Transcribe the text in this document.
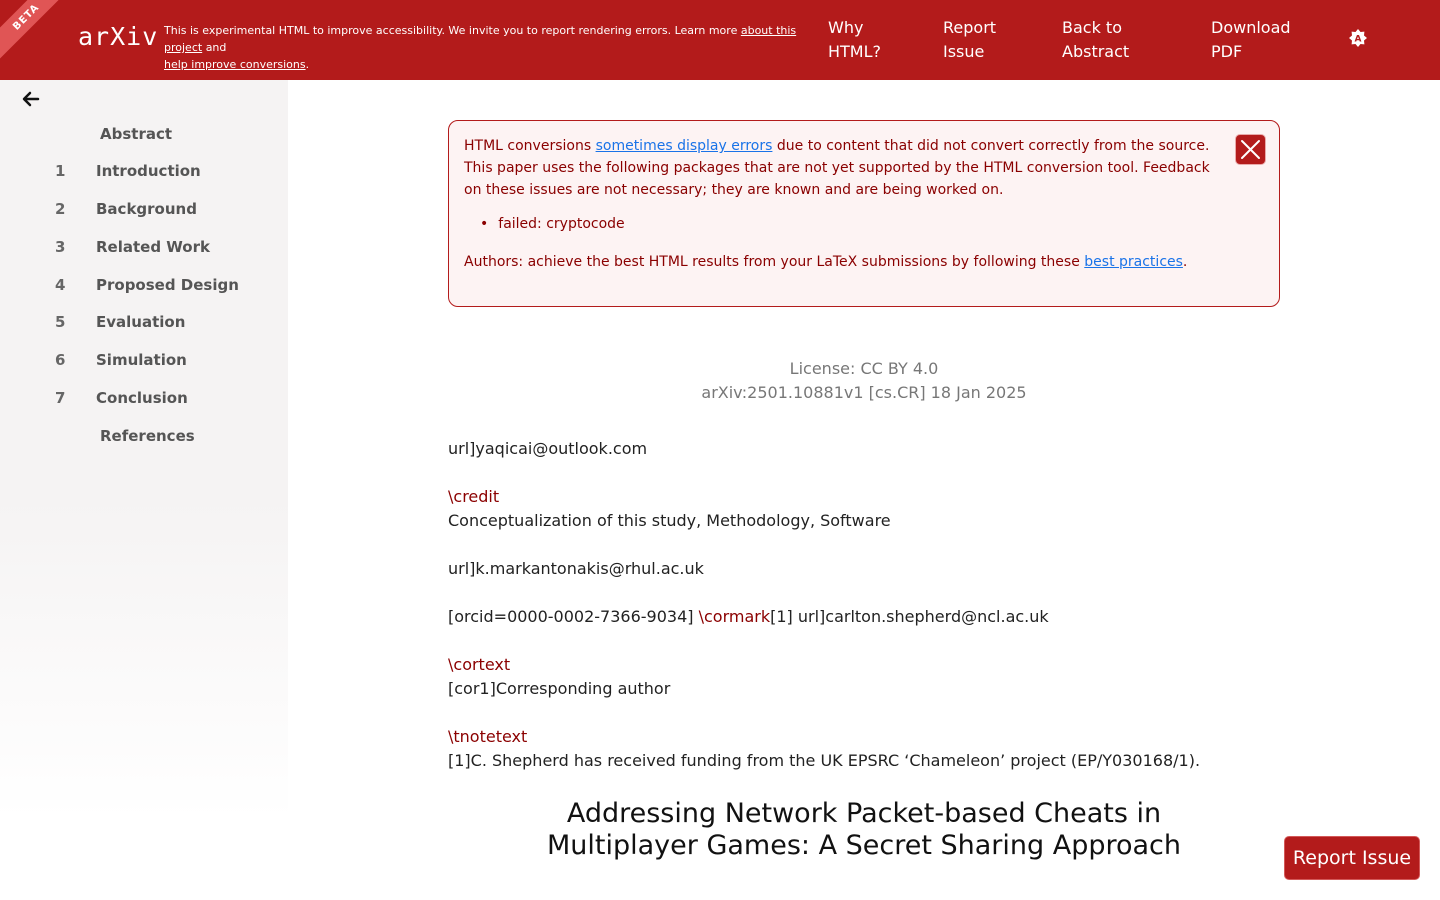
BETA
arXiv This is experimental HTML to improve accessibility. We invite you to report rendering errors. Learn more about this project and
help improve conversions.
Why
HTML?
Report
Issue
Back to
Abstract
Download
PDF
A
Abstract
1 Introduction
2 Background
3 Related Work
4 Proposed Design
5 Evaluation
6 Simulation
7 Conclusion
References
HTML conversions sometimes display errors due to content that did not convert correctly from the source. This paper uses the following packages that are not yet supported by the HTML conversion tool. Feedback on these issues are not necessary; they are known and are being worked on.
• failed: cryptocode
Authors: achieve the best HTML results from your LaTeX submissions by following these best practices.
License: CC BY 4.0
arXiv:2501.10881v1 [cs.CR] 18 Jan 2025
url]yaqicai@outlook.com
\credit
Conceptualization of this study, Methodology, Software
url]k.markantonakis@rhul.ac.uk
[orcid=0000-0002-7366-9034] \cormark[1] url]carlton.shepherd@ncl.ac.uk
\cortext
[cor1]Corresponding author
\tnotetext
[1]C. Shepherd has received funding from the UK EPSRC ‘Chameleon’ project (EP/Y030168/1).
Addressing Network Packet-based Cheats in
Multiplayer Games: A Secret Sharing Approach	Report Issue
